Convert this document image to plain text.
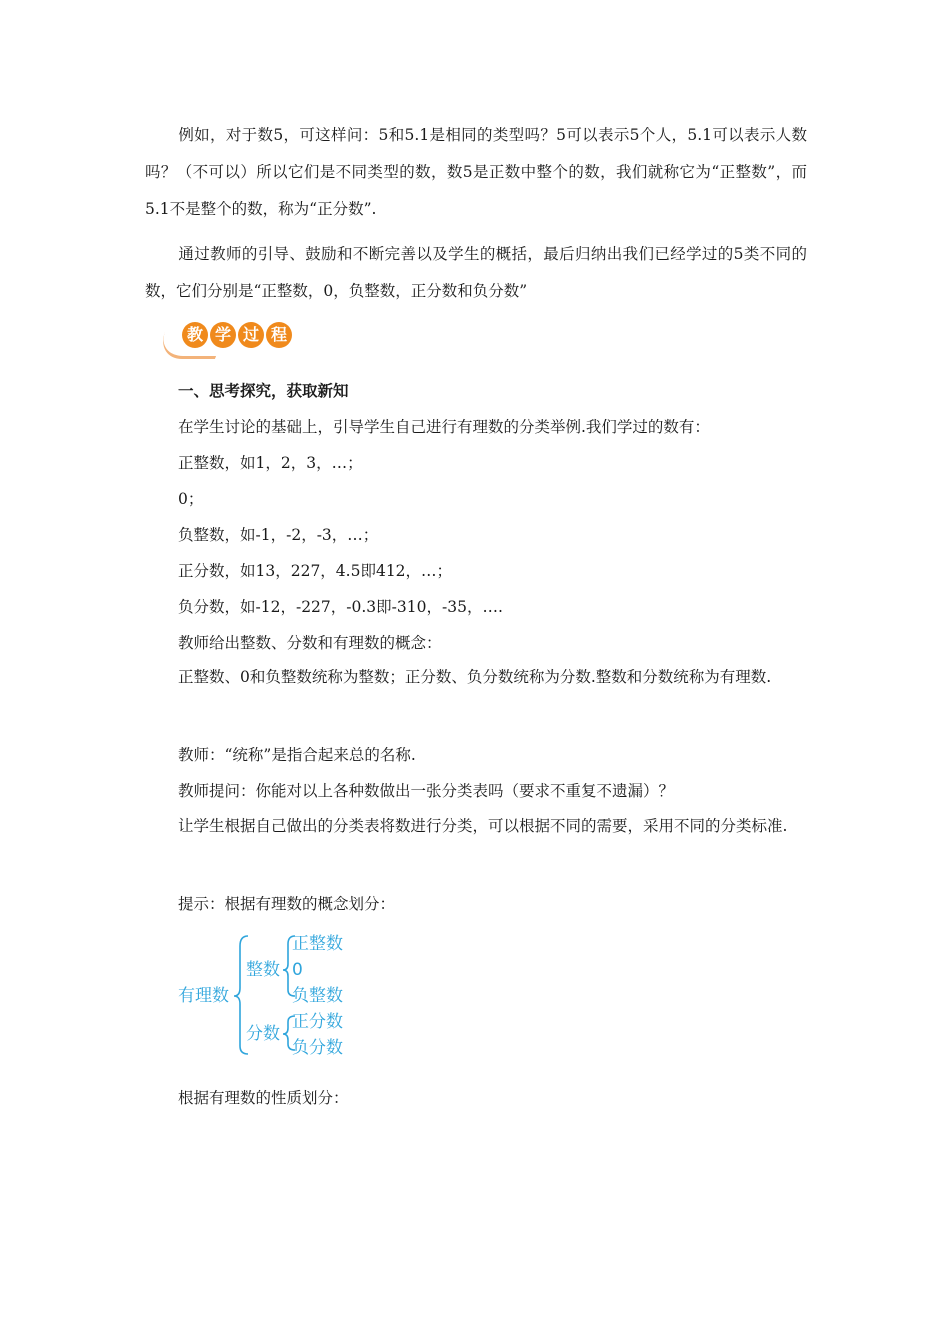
例如，对于数5，可这样问：5和5.1是相同的类型吗？5可以表示5个人，5.1可以表示人数吗？（不可以）所以它们是不同类型的数，数5是正数中整个的数，我们就称它为“正整数”，而5.1不是整个的数，称为“正分数”.

通过教师的引导、鼓励和不断完善以及学生的概括，最后归纳出我们已经学过的5类不同的数，它们分别是“正整数，0，负整数，正分数和负分数”

教 学 过 程

一、思考探究，获取新知

在学生讨论的基础上，引导学生自己进行有理数的分类举例.我们学过的数有：

正整数，如1，2，3，…；

0；

负整数，如-1，-2，-3，…；

正分数，如13，227，4.5即412，…；

负分数，如-12，-227，-0.3即-310，-35，….

教师给出整数、分数和有理数的概念：

正整数、0和负整数统称为整数；正分数、负分数统称为分数.整数和分数统称为有理数.

教师：“统称”是指合起来总的名称.

教师提问：你能对以上各种数做出一张分类表吗（要求不重复不遗漏）？

让学生根据自己做出的分类表将数进行分类，可以根据不同的需要，采用不同的分类标准.

提示：根据有理数的概念划分：

有理数
整数
正整数
0
负整数
分数
正分数
负分数

根据有理数的性质划分：
